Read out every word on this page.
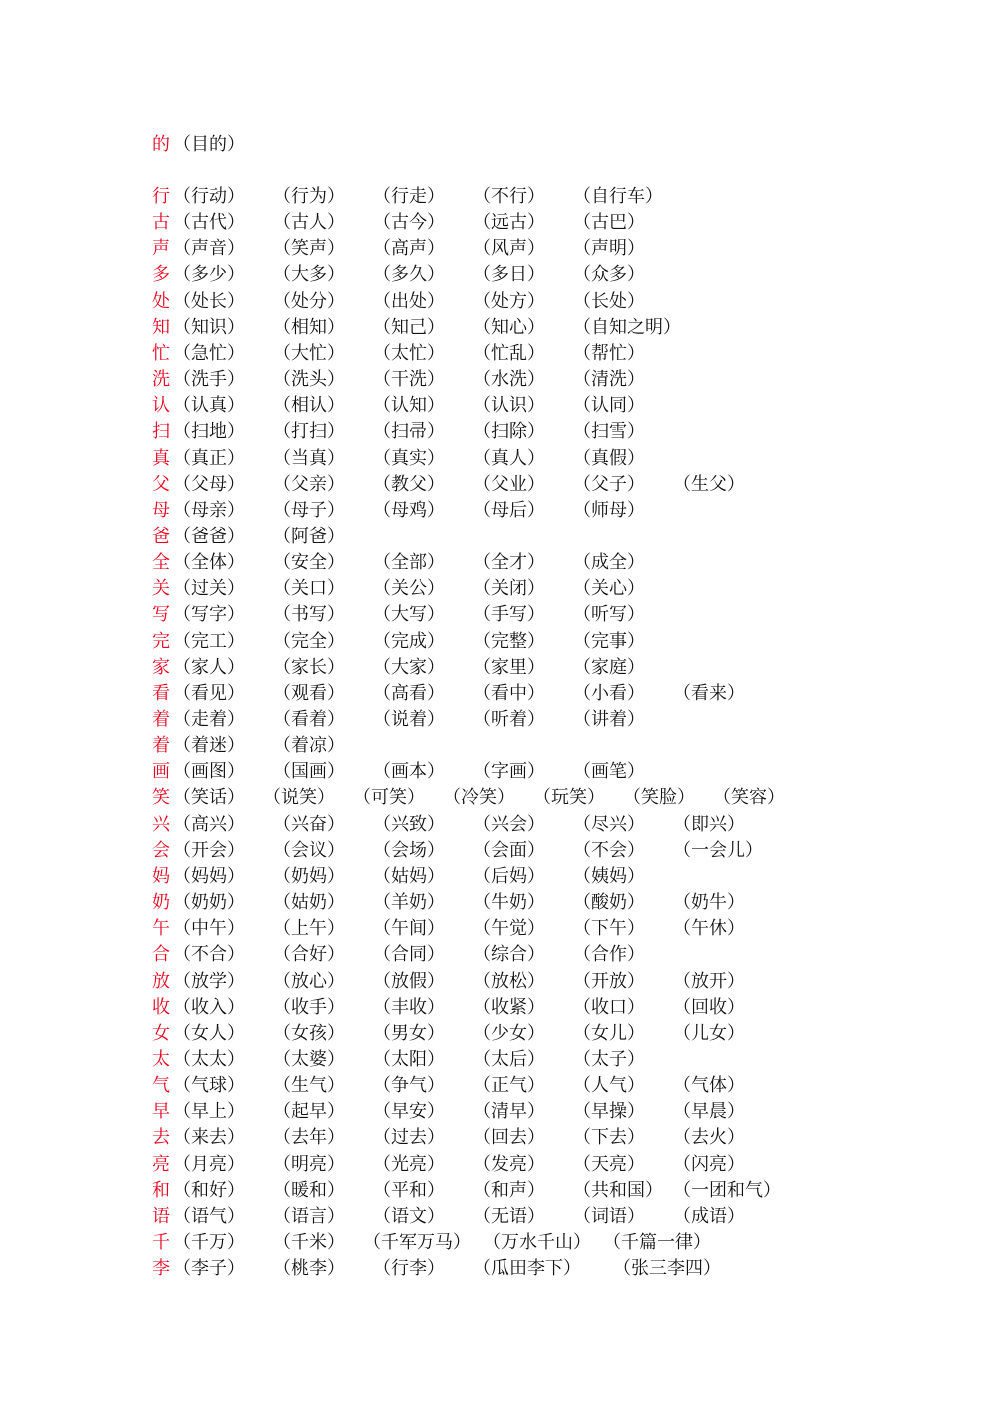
的 （目的）
行 （行动） （行为） （行走） （不行） （自行车）
古 （古代） （古人） （古今） （远古） （古巴）
声 （声音） （笑声） （高声） （风声） （声明）
多 （多少） （大多） （多久） （多日） （众多）
处 （处长） （处分） （出处） （处方） （长处）
知 （知识） （相知） （知己） （知心） （自知之明）
忙 （急忙） （大忙） （太忙） （忙乱） （帮忙）
洗 （洗手） （洗头） （干洗） （水洗） （清洗）
认 （认真） （相认） （认知） （认识） （认同）
扫 （扫地） （打扫） （扫帚） （扫除） （扫雪）
真 （真正） （当真） （真实） （真人） （真假）
父 （父母） （父亲） （教父） （父业） （父子） （生父）
母 （母亲） （母子） （母鸡） （母后） （师母）
爸 （爸爸） （阿爸）
全 （全体） （安全） （全部） （全才） （成全）
关 （过关） （关口） （关公） （关闭） （关心）
写 （写字） （书写） （大写） （手写） （听写）
完 （完工） （完全） （完成） （完整） （完事）
家 （家人） （家长） （大家） （家里） （家庭）
看 （看见） （观看） （高看） （看中） （小看） （看来）
着 （走着） （看着） （说着） （听着） （讲着）
着 （着迷） （着凉）
画 （画图） （国画） （画本） （字画） （画笔）
笑 （笑话） （说笑） （可笑） （冷笑） （玩笑） （笑脸） （笑容）
兴 （高兴） （兴奋） （兴致） （兴会） （尽兴） （即兴）
会 （开会） （会议） （会场） （会面） （不会） （一会儿）
妈 （妈妈） （奶妈） （姑妈） （后妈） （姨妈）
奶 （奶奶） （姑奶） （羊奶） （牛奶） （酸奶） （奶牛）
午 （中午） （上午） （午间） （午觉） （下午） （午休）
合 （不合） （合好） （合同） （综合） （合作）
放 （放学） （放心） （放假） （放松） （开放） （放开）
收 （收入） （收手） （丰收） （收紧） （收口） （回收）
女 （女人） （女孩） （男女） （少女） （女儿） （儿女）
太 （太太） （太婆） （太阳） （太后） （太子）
气 （气球） （生气） （争气） （正气） （人气） （气体）
早 （早上） （起早） （早安） （清早） （早操） （早晨）
去 （来去） （去年） （过去） （回去） （下去） （去火）
亮 （月亮） （明亮） （光亮） （发亮） （天亮） （闪亮）
和 （和好） （暖和） （平和） （和声） （共和国） （一团和气）
语 （语气） （语言） （语文） （无语） （词语） （成语）
千 （千万） （千米） （千军万马） （万水千山） （千篇一律）
李 （李子） （桃李） （行李） （瓜田李下） （张三李四）
